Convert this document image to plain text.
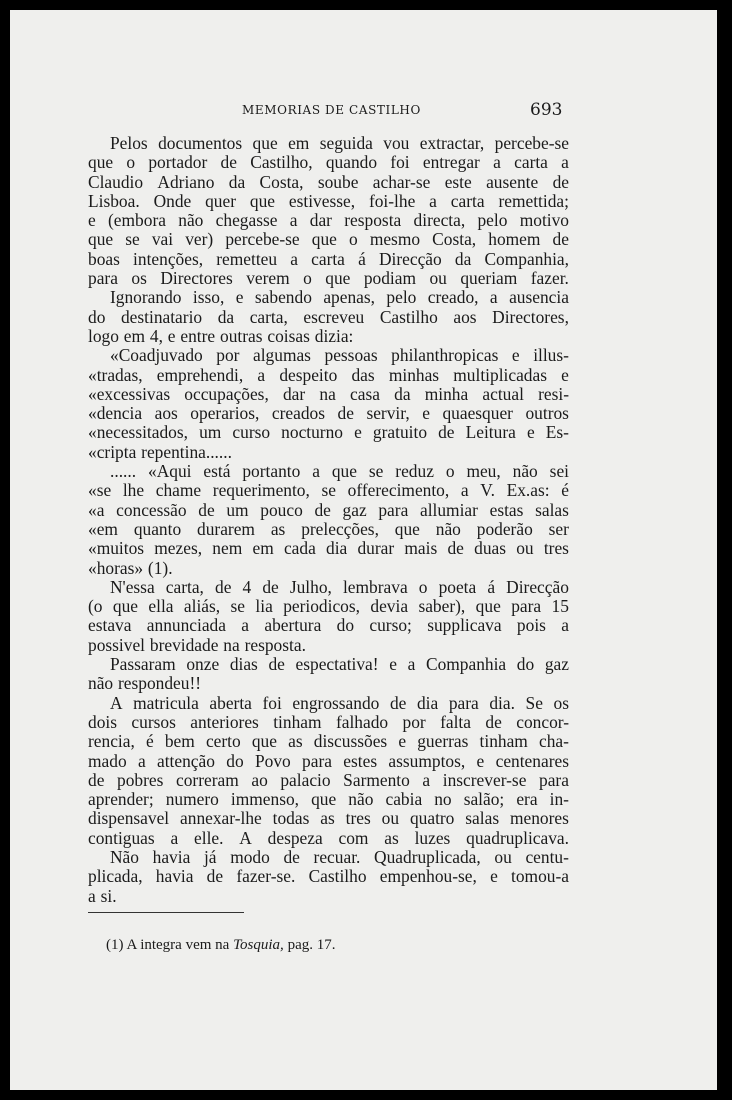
MEMORIAS DE CASTILHO	693
Pelos documentos que em seguida vou extractar, percebe-se
que o portador de Castilho, quando foi entregar a carta a
Claudio Adriano da Costa, soube achar-se este ausente de
Lisboa. Onde quer que estivesse, foi-lhe a carta remettida;
e (embora não chegasse a dar resposta directa, pelo motivo
que se vai ver) percebe-se que o mesmo Costa, homem de
boas intenções, remetteu a carta á Direcção da Companhia,
para os Directores verem o que podiam ou queriam fazer.
Ignorando isso, e sabendo apenas, pelo creado, a ausencia
do destinatario da carta, escreveu Castilho aos Directores,
logo em 4, e entre outras coisas dizia:
«Coadjuvado por algumas pessoas philanthropicas e illus-
«tradas, emprehendi, a despeito das minhas multiplicadas e
«excessivas occupações, dar na casa da minha actual resi-
«dencia aos operarios, creados de servir, e quaesquer outros
«necessitados, um curso nocturno e gratuito de Leitura e Es-
«cripta repentina......
...... «Aqui está portanto a que se reduz o meu, não sei
«se lhe chame requerimento, se offerecimento, a V. Ex.as: é
«a concessão de um pouco de gaz para allumiar estas salas
«em quanto durarem as prelecções, que não poderão ser
«muitos mezes, nem em cada dia durar mais de duas ou tres
«horas» (1).
N'essa carta, de 4 de Julho, lembrava o poeta á Direcção
(o que ella aliás, se lia periodicos, devia saber), que para 15
estava annunciada a abertura do curso; supplicava pois a
possivel brevidade na resposta.
Passaram onze dias de espectativa! e a Companhia do gaz
não respondeu!!
A matricula aberta foi engrossando de dia para dia. Se os
dois cursos anteriores tinham falhado por falta de concor-
rencia, é bem certo que as discussões e guerras tinham cha-
mado a attenção do Povo para estes assumptos, e centenares
de pobres correram ao palacio Sarmento a inscrever-se para
aprender; numero immenso, que não cabia no salão; era in-
dispensavel annexar-lhe todas as tres ou quatro salas menores
contiguas a elle. A despeza com as luzes quadruplicava.
Não havia já modo de recuar. Quadruplicada, ou centu-
plicada, havia de fazer-se. Castilho empenhou-se, e tomou-a
a si.
(1) A integra vem na Tosquia, pag. 17.
